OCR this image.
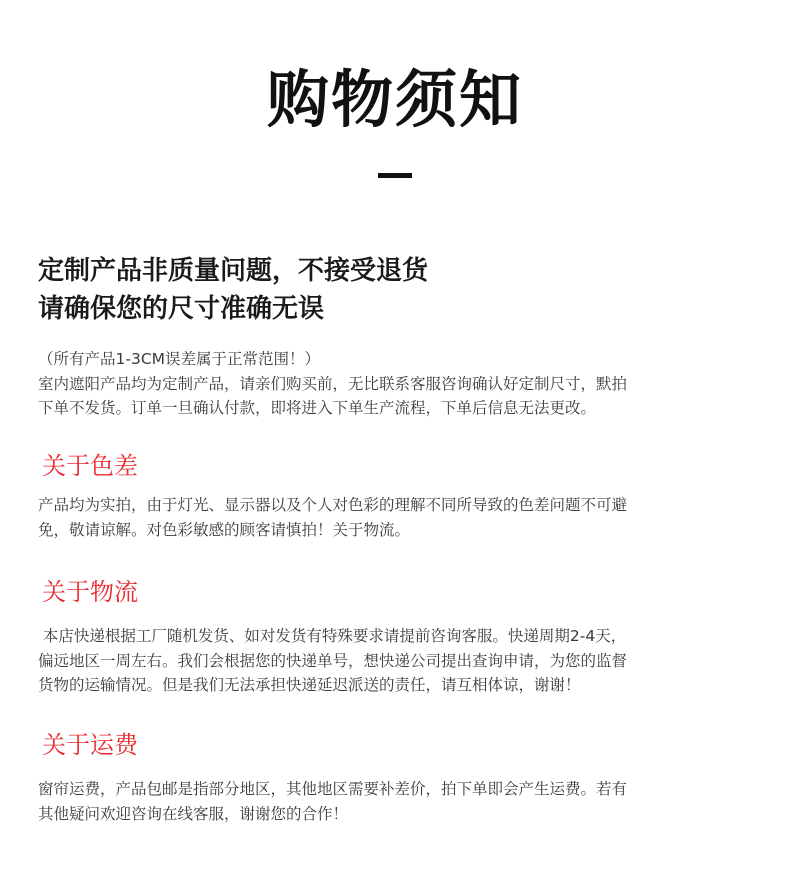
购物须知
定制产品非质量问题，不接受退货
请确保您的尺寸准确无误
（所有产品1-3CM误差属于正常范围！）
室内遮阳产品均为定制产品，请亲们购买前，无比联系客服咨询确认好定制尺寸，默拍
下单不发货。订单一旦确认付款，即将进入下单生产流程，下单后信息无法更改。
关于色差
产品均为实拍，由于灯光、显示器以及个人对色彩的理解不同所导致的色差问题不可避
免，敬请谅解。对色彩敏感的顾客请慎拍！关于物流。
关于物流
本店快递根据工厂随机发货、如对发货有特殊要求请提前咨询客服。快递周期2-4天，
偏远地区一周左右。我们会根据您的快递单号，想快递公司提出查询申请，为您的监督
货物的运输情况。但是我们无法承担快递延迟派送的责任，请互相体谅，谢谢！
关于运费
窗帘运费，产品包邮是指部分地区，其他地区需要补差价，拍下单即会产生运费。若有
其他疑问欢迎咨询在线客服，谢谢您的合作！
